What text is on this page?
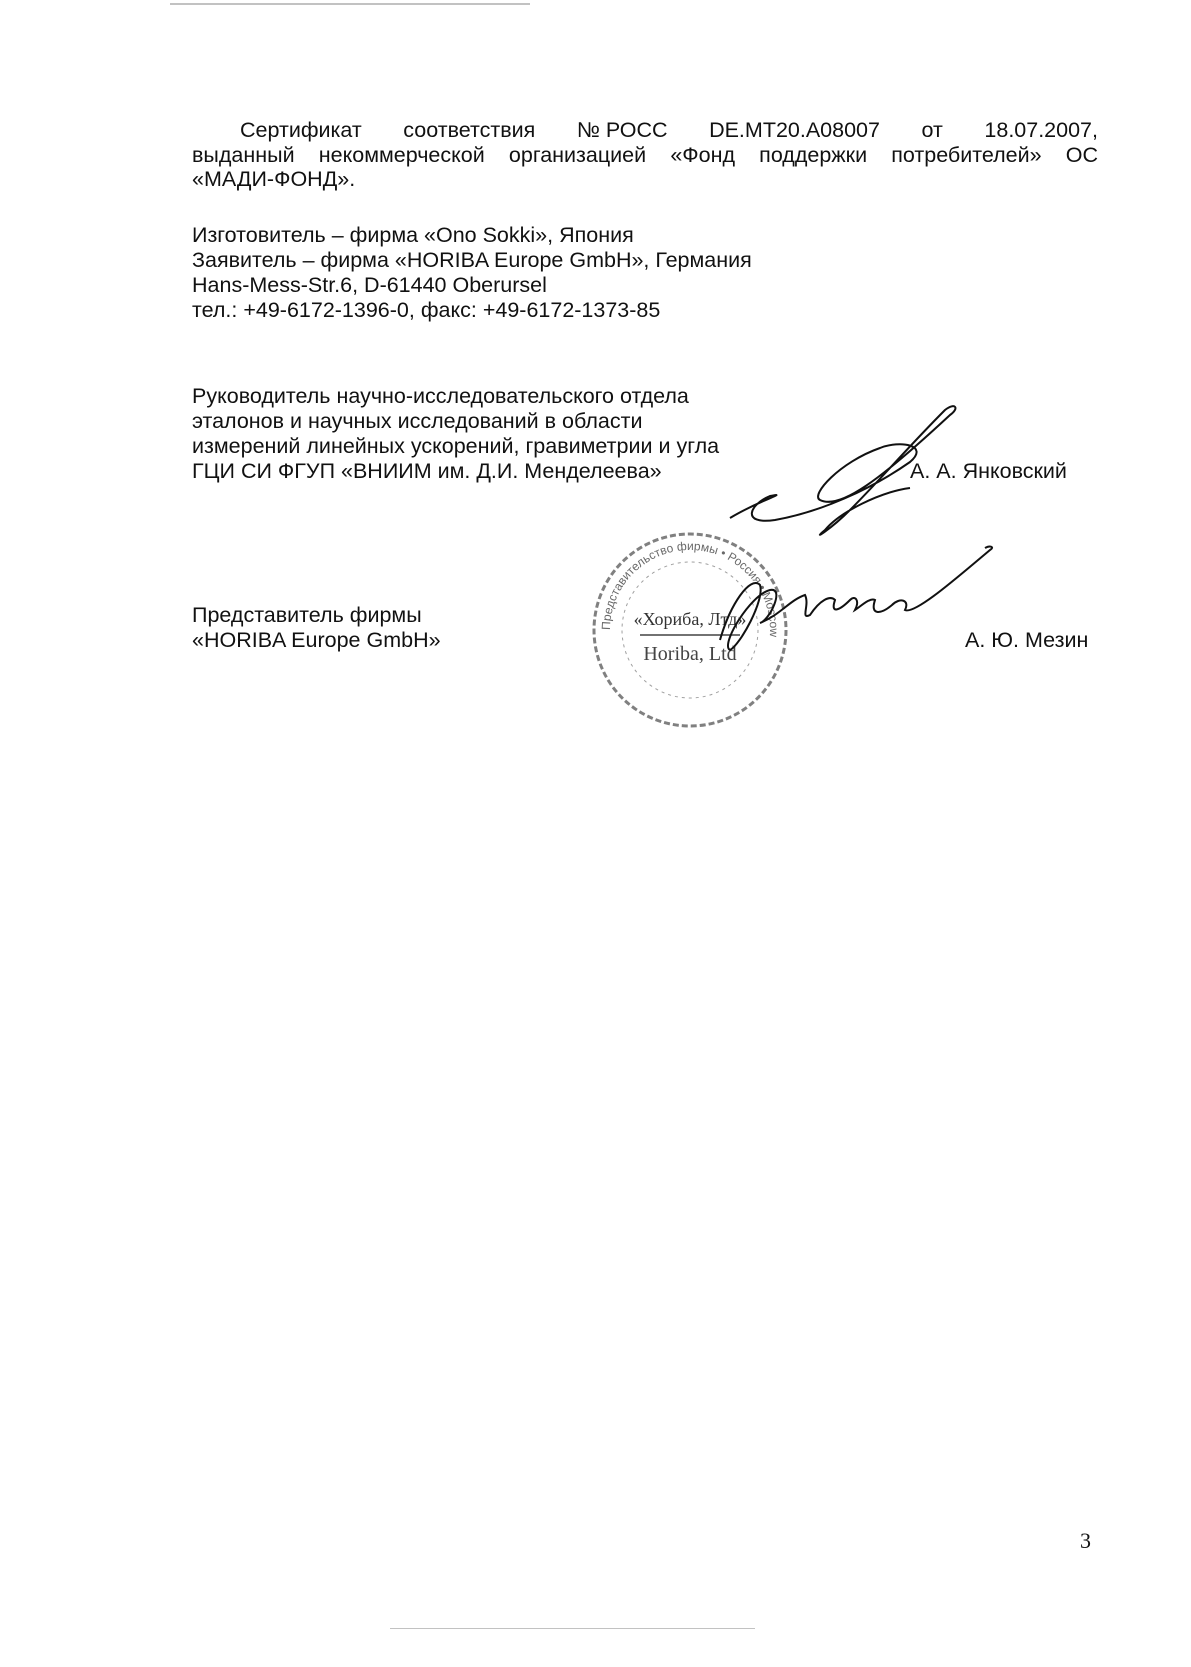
Сертификат соответствия № РОСС DE.MT20.A08007 от 18.07.2007,
выданный некоммерческой организацией «Фонд поддержки потребителей» ОС
«МАДИ-ФОНД».
Изготовитель – фирма «Ono Sokki», Япония
Заявитель – фирма «HORIBA Europe GmbH», Германия
Hans-Mess-Str.6, D-61440 Oberursel
тел.: +49-6172-1396-0, факс: +49-6172-1373-85
Руководитель научно-исследовательского отдела
эталонов и научных исследований в области
измерений линейных ускорений, гравиметрии и угла
ГЦИ СИ ФГУП «ВНИИМ им. Д.И. Менделеева»	А. А. Янковский
Представитель фирмы
«HORIBA Europe GmbH»	А. Ю. Мезин
Представительство фирмы • Россия • Moscow
«Хориба, Лтд»
Horiba, Ltd
3
